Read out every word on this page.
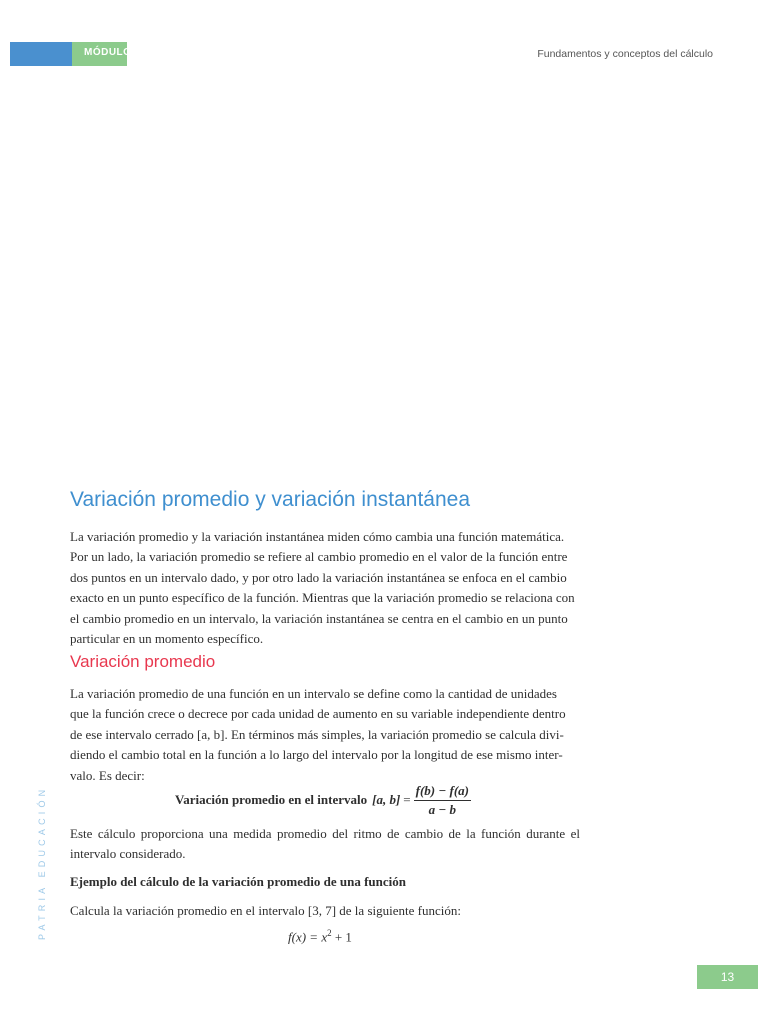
MÓDULO 1	Fundamentos y conceptos del cálculo
Variación promedio y variación instantánea

La variación promedio y la variación instantánea miden cómo cambia una función matemática.
Por un lado, la variación promedio se refiere al cambio promedio en el valor de la función entre
dos puntos en un intervalo dado, y por otro lado la variación instantánea se enfoca en el cambio
exacto en un punto específico de la función. Mientras que la variación promedio se relaciona con
el cambio promedio en un intervalo, la variación instantánea se centra en el cambio en un punto
particular en un momento específico.

Variación promedio

La variación promedio de una función en un intervalo se define como la cantidad de unidades
que la función crece o decrece por cada unidad de aumento en su variable independiente dentro
de ese intervalo cerrado [a, b]. En términos más simples, la variación promedio se calcula divi-
diendo el cambio total en la función a lo largo del intervalo por la longitud de ese mismo inter-
valo. Es decir:

Variación promedio en el intervalo [a, $b] = \frac{f(b) - f(a)}{a - b}$

Este cálculo proporciona una medida promedio del ritmo de cambio de la función durante el intervalo considerado.

Ejemplo del cálculo de la variación promedio de una función

Calcula la variación promedio en el intervalo [3, 7] de la siguiente función:

$f(x) = x^2 + 1$
PATRIA EDUCACIÓN
13
